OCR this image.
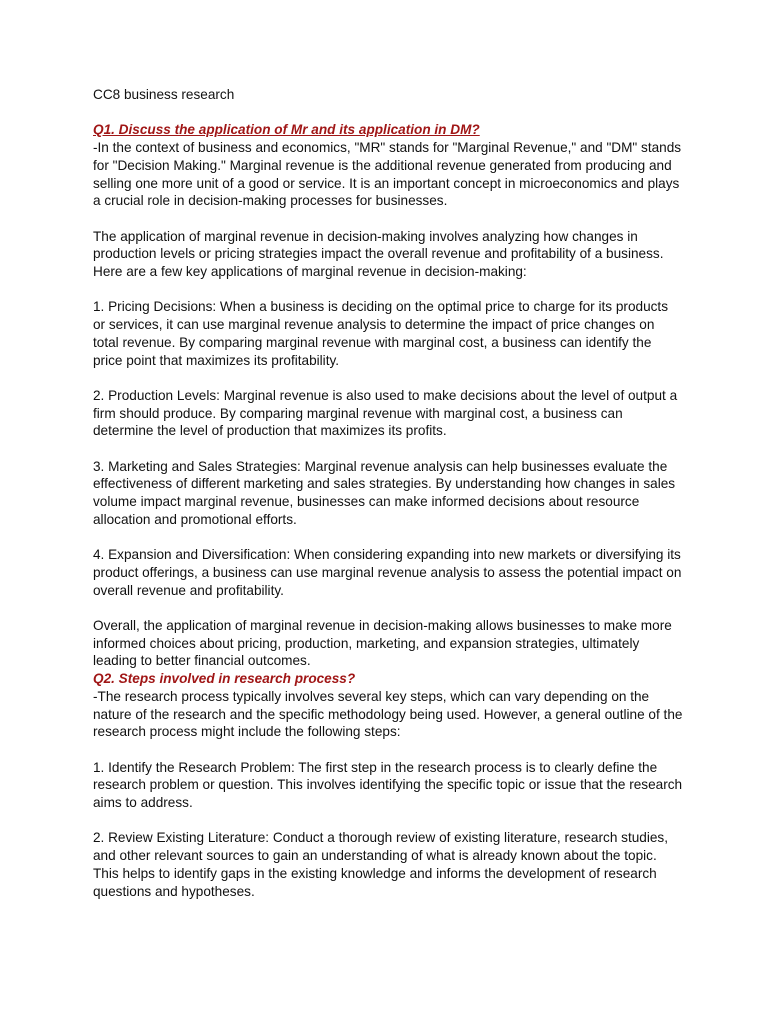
CC8 business research

Q1. Discuss the application of Mr and its application in DM?

-In the context of business and economics, "MR" stands for "Marginal Revenue," and "DM" stands for "Decision Making." Marginal revenue is the additional revenue generated from producing and selling one more unit of a good or service. It is an important concept in microeconomics and plays a crucial role in decision-making processes for businesses.

The application of marginal revenue in decision-making involves analyzing how changes in production levels or pricing strategies impact the overall revenue and profitability of a business. Here are a few key applications of marginal revenue in decision-making:

1. Pricing Decisions: When a business is deciding on the optimal price to charge for its products or services, it can use marginal revenue analysis to determine the impact of price changes on total revenue. By comparing marginal revenue with marginal cost, a business can identify the price point that maximizes its profitability.

2. Production Levels: Marginal revenue is also used to make decisions about the level of output a firm should produce. By comparing marginal revenue with marginal cost, a business can determine the level of production that maximizes its profits.

3. Marketing and Sales Strategies: Marginal revenue analysis can help businesses evaluate the effectiveness of different marketing and sales strategies. By understanding how changes in sales volume impact marginal revenue, businesses can make informed decisions about resource allocation and promotional efforts.

4. Expansion and Diversification: When considering expanding into new markets or diversifying its product offerings, a business can use marginal revenue analysis to assess the potential impact on overall revenue and profitability.

Overall, the application of marginal revenue in decision-making allows businesses to make more informed choices about pricing, production, marketing, and expansion strategies, ultimately leading to better financial outcomes.

Q2. Steps involved in research process?

-The research process typically involves several key steps, which can vary depending on the nature of the research and the specific methodology being used. However, a general outline of the research process might include the following steps:

1. Identify the Research Problem: The first step in the research process is to clearly define the research problem or question. This involves identifying the specific topic or issue that the research aims to address.

2. Review Existing Literature: Conduct a thorough review of existing literature, research studies, and other relevant sources to gain an understanding of what is already known about the topic. This helps to identify gaps in the existing knowledge and informs the development of research questions and hypotheses.
